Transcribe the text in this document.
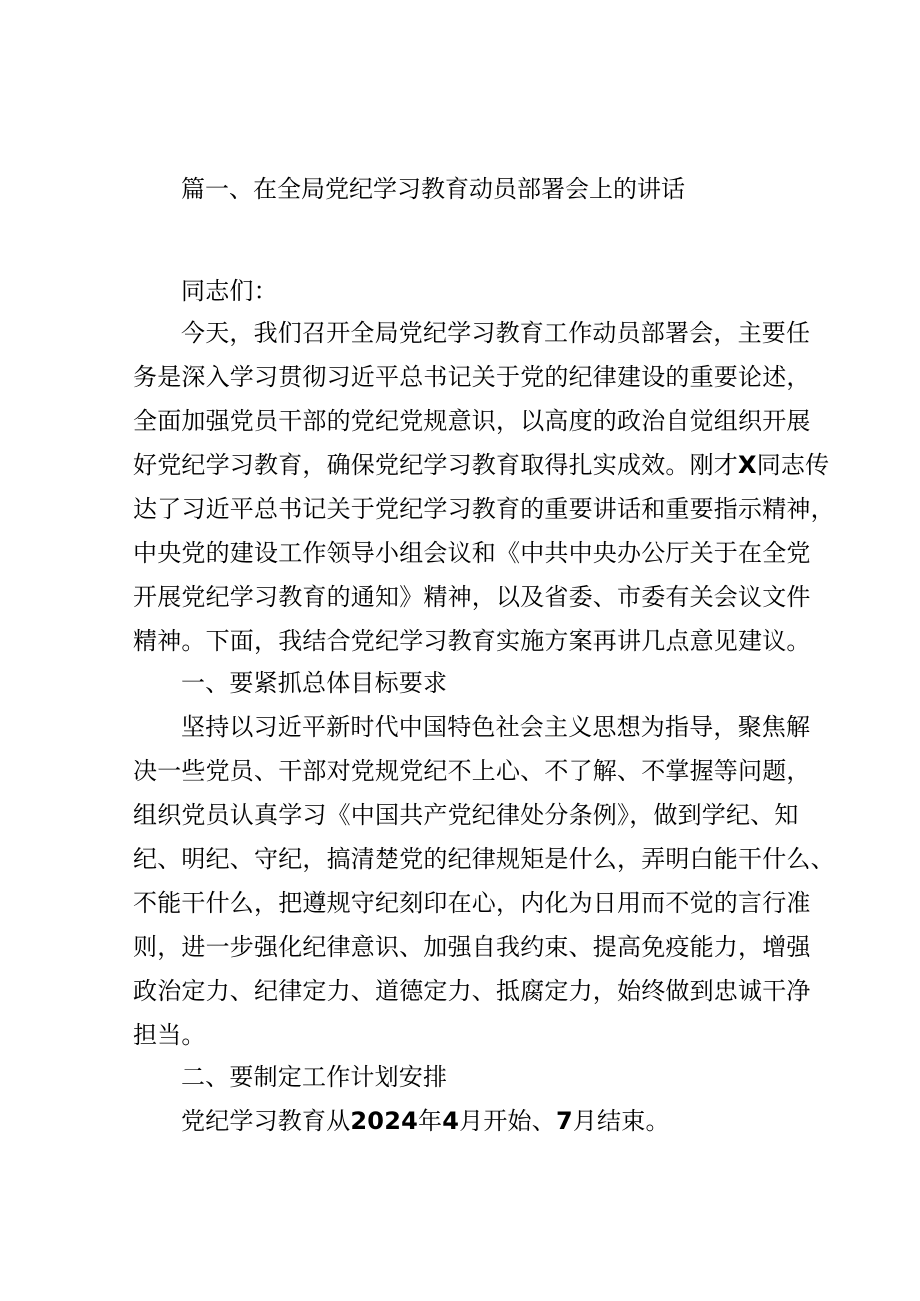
篇一、在全局党纪学习教育动员部署会上的讲话
同志们：
今天，我们召开全局党纪学习教育工作动员部署会，主要任
务是深入学习贯彻习近平总书记关于党的纪律建设的重要论述，
全面加强党员干部的党纪党规意识，以高度的政治自觉组织开展
好党纪学习教育，确保党纪学习教育取得扎实成效。刚才X同志传
达了习近平总书记关于党纪学习教育的重要讲话和重要指示精神，
中央党的建设工作领导小组会议和《中共中央办公厅关于在全党
开展党纪学习教育的通知》精神，以及省委、市委有关会议文件
精神。下面，我结合党纪学习教育实施方案再讲几点意见建议。
一、要紧抓总体目标要求
坚持以习近平新时代中国特色社会主义思想为指导，聚焦解
决一些党员、干部对党规党纪不上心、不了解、不掌握等问题，
组织党员认真学习《中国共产党纪律处分条例》，做到学纪、知
纪、明纪、守纪，搞清楚党的纪律规矩是什么，弄明白能干什么、
不能干什么，把遵规守纪刻印在心，内化为日用而不觉的言行准
则，进一步强化纪律意识、加强自我约束、提高免疫能力，增强
政治定力、纪律定力、道德定力、抵腐定力，始终做到忠诚干净
担当。
二、要制定工作计划安排
党纪学习教育从2024年4月开始、7月结束。
